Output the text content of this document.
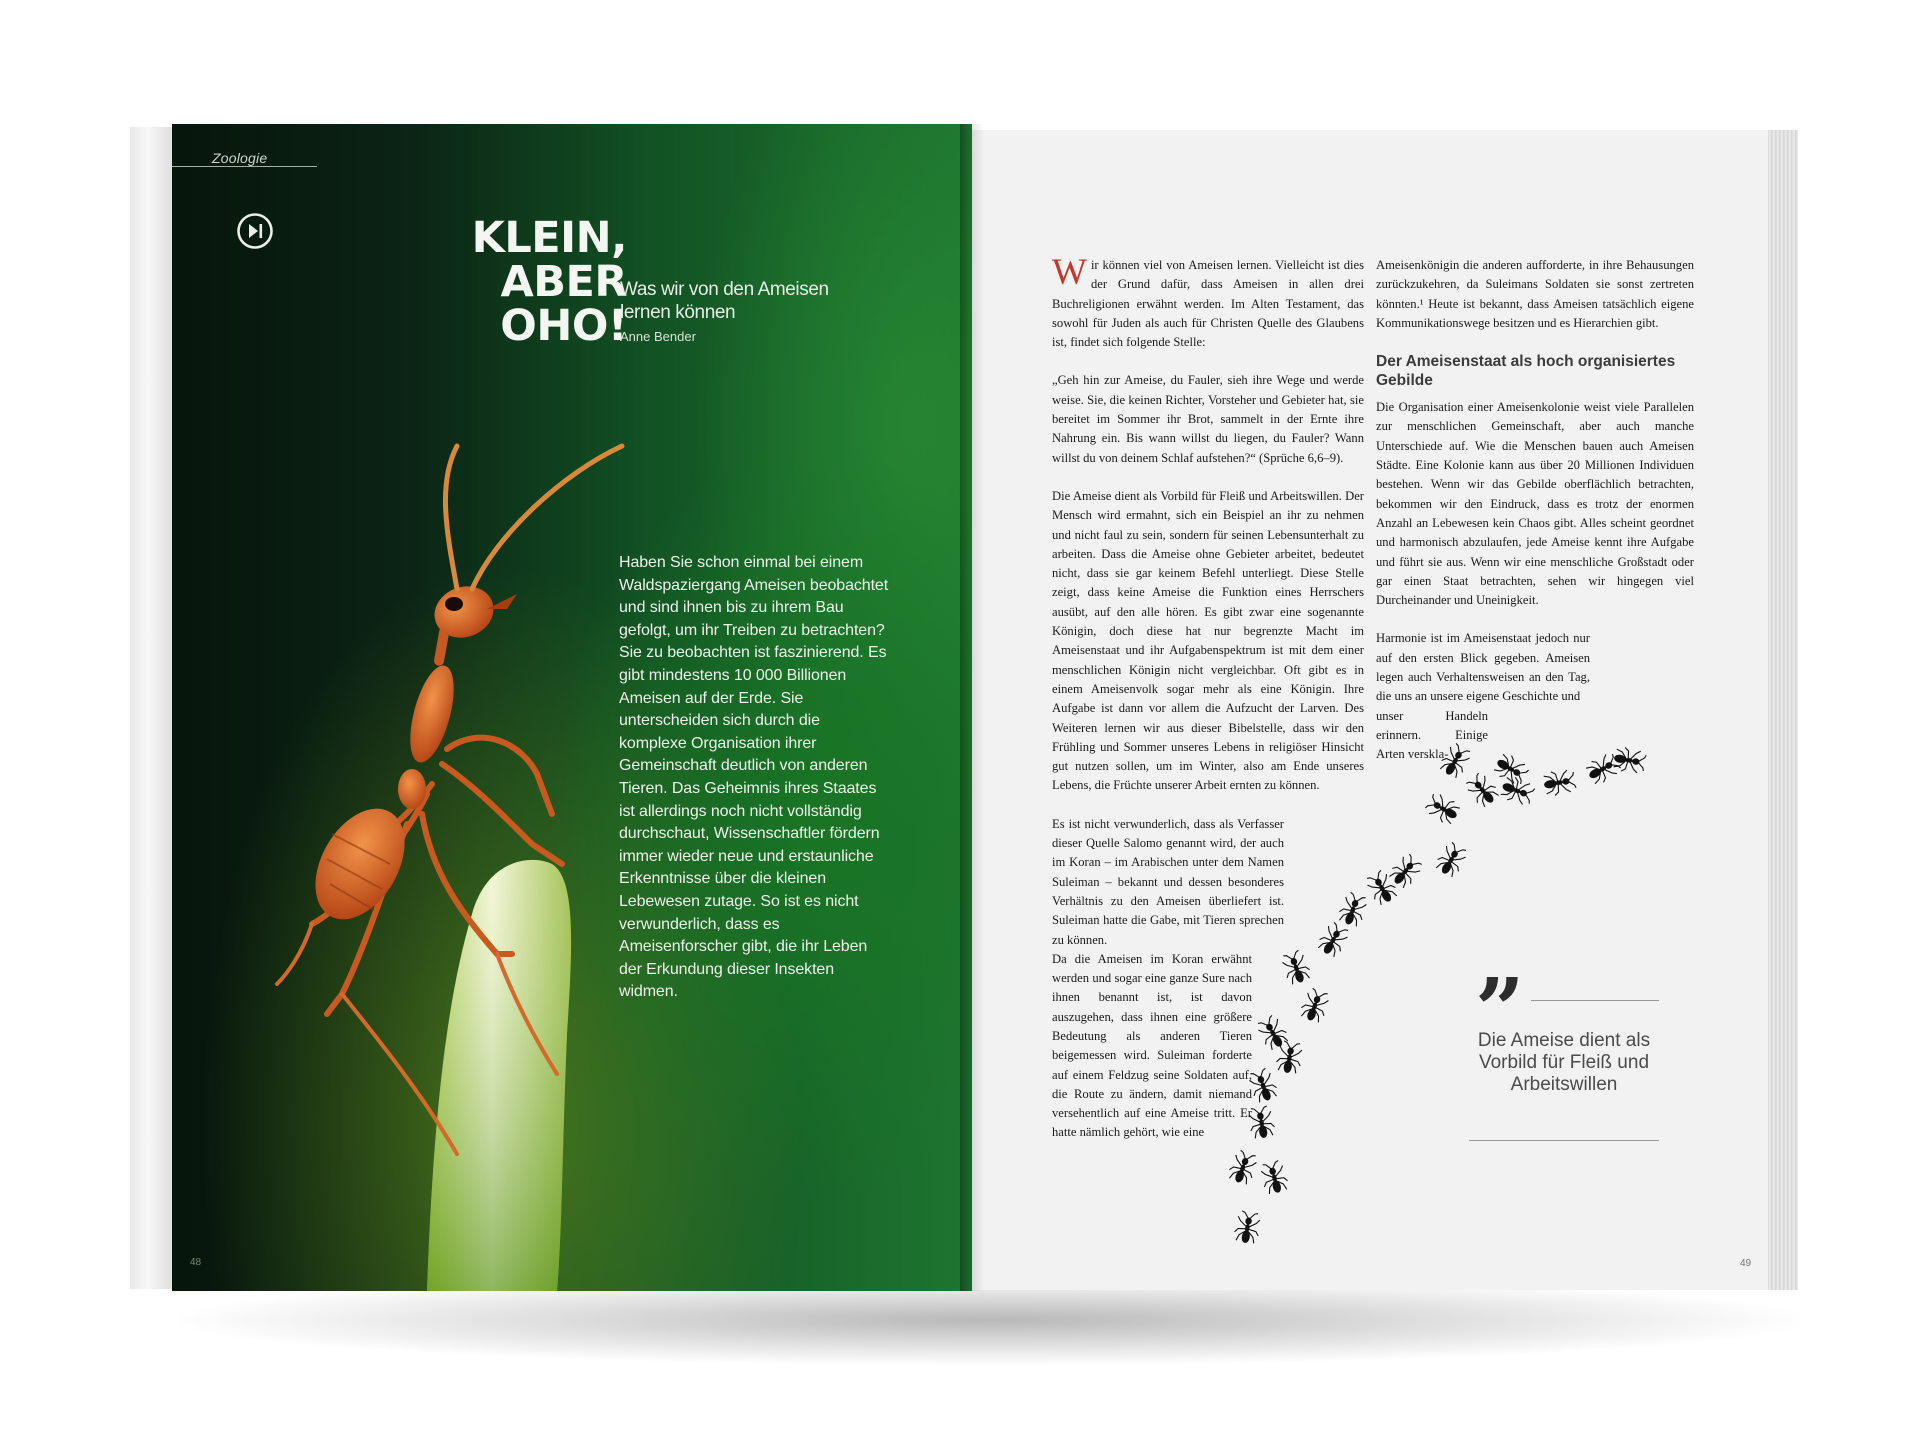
Zoologie
KLEIN,
ABER
OHO!
Was wir von den Ameisen lernen können
Anne Bender
Haben Sie schon einmal bei einem Waldspaziergang Ameisen beobachtet und sind ihnen bis zu ihrem Bau gefolgt, um ihr Treiben zu betrachten? Sie zu beobachten ist faszinierend. Es gibt mindestens 10 000 Billionen Ameisen auf der Erde. Sie unterscheiden sich durch die komplexe Organisation ihrer Gemeinschaft deutlich von anderen Tieren. Das Geheimnis ihres Staates ist allerdings noch nicht vollständig durchschaut, Wissenschaftler fördern immer wieder neue und erstaunliche Erkenntnisse über die kleinen Lebewesen zutage. So ist es nicht verwunderlich, dass es Ameisenforscher gibt, die ihr Leben der Erkundung dieser Insekten widmen.
48

Wir können viel von Ameisen lernen. Vielleicht ist dies der Grund dafür, dass Ameisen in allen drei Buchreligionen erwähnt werden. Im Alten Testament, das sowohl für Juden als auch für Christen Quelle des Glaubens ist, findet sich folgende Stelle:

„Geh hin zur Ameise, du Fauler, sieh ihre Wege und werde weise. Sie, die keinen Richter, Vorsteher und Gebieter hat, sie bereitet im Sommer ihr Brot, sammelt in der Ernte ihre Nahrung ein. Bis wann willst du liegen, du Fauler? Wann willst du von deinem Schlaf aufstehen?“ (Sprüche 6,6–9).

Die Ameise dient als Vorbild für Fleiß und Arbeitswillen. Der Mensch wird ermahnt, sich ein Beispiel an ihr zu nehmen und nicht faul zu sein, sondern für seinen Lebensunterhalt zu arbeiten. Dass die Ameise ohne Gebieter arbeitet, bedeutet nicht, dass sie gar keinem Befehl unterliegt. Diese Stelle zeigt, dass keine Ameise die Funktion eines Herrschers ausübt, auf den alle hören. Es gibt zwar eine sogenannte Königin, doch diese hat nur begrenzte Macht im Ameisenstaat und ihr Aufgabenspektrum ist mit dem einer menschlichen Königin nicht vergleichbar. Oft gibt es in einem Ameisenvolk sogar mehr als eine Königin. Ihre Aufgabe ist dann vor allem die Aufzucht der Larven. Des Weiteren lernen wir aus dieser Bibelstelle, dass wir den Frühling und Sommer unseres Lebens in religiöser Hinsicht gut nutzen sollen, um im Winter, also am Ende unseres Lebens, die Früchte unserer Arbeit ernten zu können.

Es ist nicht verwunderlich, dass als Verfasser dieser Quelle Salomo genannt wird, der auch im Koran – im Arabischen unter dem Namen Suleiman – bekannt und dessen besonderes Verhältnis zu den Ameisen überliefert ist. Suleiman hatte die Gabe, mit Tieren sprechen zu können.
Da die Ameisen im Koran erwähnt werden und sogar eine ganze Sure nach ihnen benannt ist, ist davon auszugehen, dass ihnen eine größere Bedeutung als anderen Tieren beigemessen wird. Suleiman forderte auf einem Feldzug seine Soldaten auf, die Route zu ändern, damit niemand versehentlich auf eine Ameise tritt. Er hatte nämlich gehört, wie eine

Ameisenkönigin die anderen aufforderte, in ihre Behausungen zurückzukehren, da Suleimans Soldaten sie sonst zertreten könnten.¹ Heute ist bekannt, dass Ameisen tatsächlich eigene Kommunikationswege besitzen und es Hierarchien gibt.

Der Ameisenstaat als hoch organisiertes Gebilde

Die Organisation einer Ameisenkolonie weist viele Parallelen zur menschlichen Gemeinschaft, aber auch manche Unterschiede auf. Wie die Menschen bauen auch Ameisen Städte. Eine Kolonie kann aus über 20 Millionen Individuen bestehen. Wenn wir das Gebilde oberflächlich betrachten, bekommen wir den Eindruck, dass es trotz der enormen Anzahl an Lebewesen kein Chaos gibt. Alles scheint geordnet und harmonisch abzulaufen, jede Ameise kennt ihre Aufgabe und führt sie aus. Wenn wir eine menschliche Großstadt oder gar einen Staat betrachten, sehen wir hingegen viel Durcheinander und Uneinigkeit.

Harmonie ist im Ameisenstaat jedoch nur auf den ersten Blick gegeben. Ameisen legen auch Verhaltensweisen an den Tag, die uns an unsere eigene Geschichte und
unser Handeln erinnern. Einige Arten verskla-

”
Die Ameise dient als Vorbild für Fleiß und Arbeitswillen
49
